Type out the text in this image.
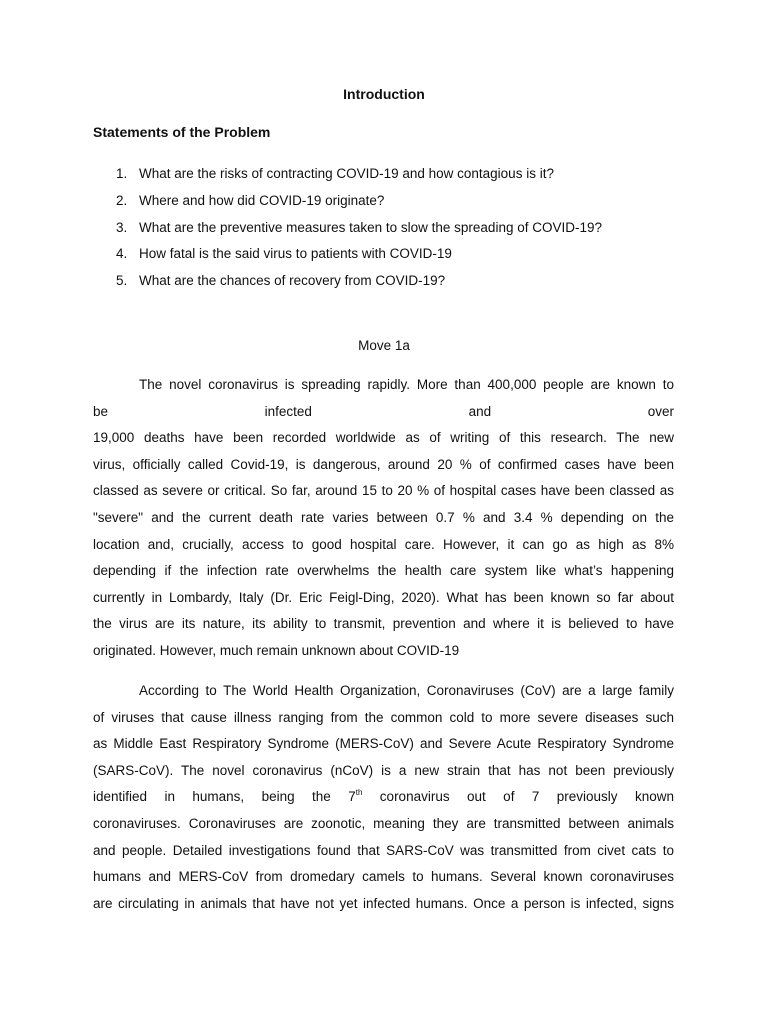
Introduction
Statements of the Problem
1. What are the risks of contracting COVID-19 and how contagious is it?
2. Where and how did COVID-19 originate?
3. What are the preventive measures taken to slow the spreading of COVID-19?
4. How fatal is the said virus to patients with COVID-19
5. What are the chances of recovery from COVID-19?
Move 1a
The novel coronavirus is spreading rapidly. More than 400,000 people are known to
be infected and over
19,000 deaths have been recorded worldwide as of writing of this research. The new
virus, officially called Covid-19, is dangerous, around 20 % of confirmed cases have been
classed as severe or critical. So far, around 15 to 20 % of hospital cases have been classed as
"severe" and the current death rate varies between 0.7 % and 3.4 % depending on the
location and, crucially, access to good hospital care. However, it can go as high as 8%
depending if the infection rate overwhelms the health care system like what’s happening
currently in Lombardy, Italy (Dr. Eric Feigl-Ding, 2020). What has been known so far about
the virus are its nature, its ability to transmit, prevention and where it is believed to have
originated. However, much remain unknown about COVID-19
According to The World Health Organization, Coronaviruses (CoV) are a large family
of viruses that cause illness ranging from the common cold to more severe diseases such
as Middle East Respiratory Syndrome (MERS-CoV) and Severe Acute Respiratory Syndrome
(SARS-CoV). The novel coronavirus (nCoV) is a new strain that has not been previously
identified in humans, being the 7th coronavirus out of 7 previously known
coronaviruses. Coronaviruses are zoonotic, meaning they are transmitted between animals
and people. Detailed investigations found that SARS-CoV was transmitted from civet cats to
humans and MERS-CoV from dromedary camels to humans. Several known coronaviruses
are circulating in animals that have not yet infected humans. Once a person is infected, signs
